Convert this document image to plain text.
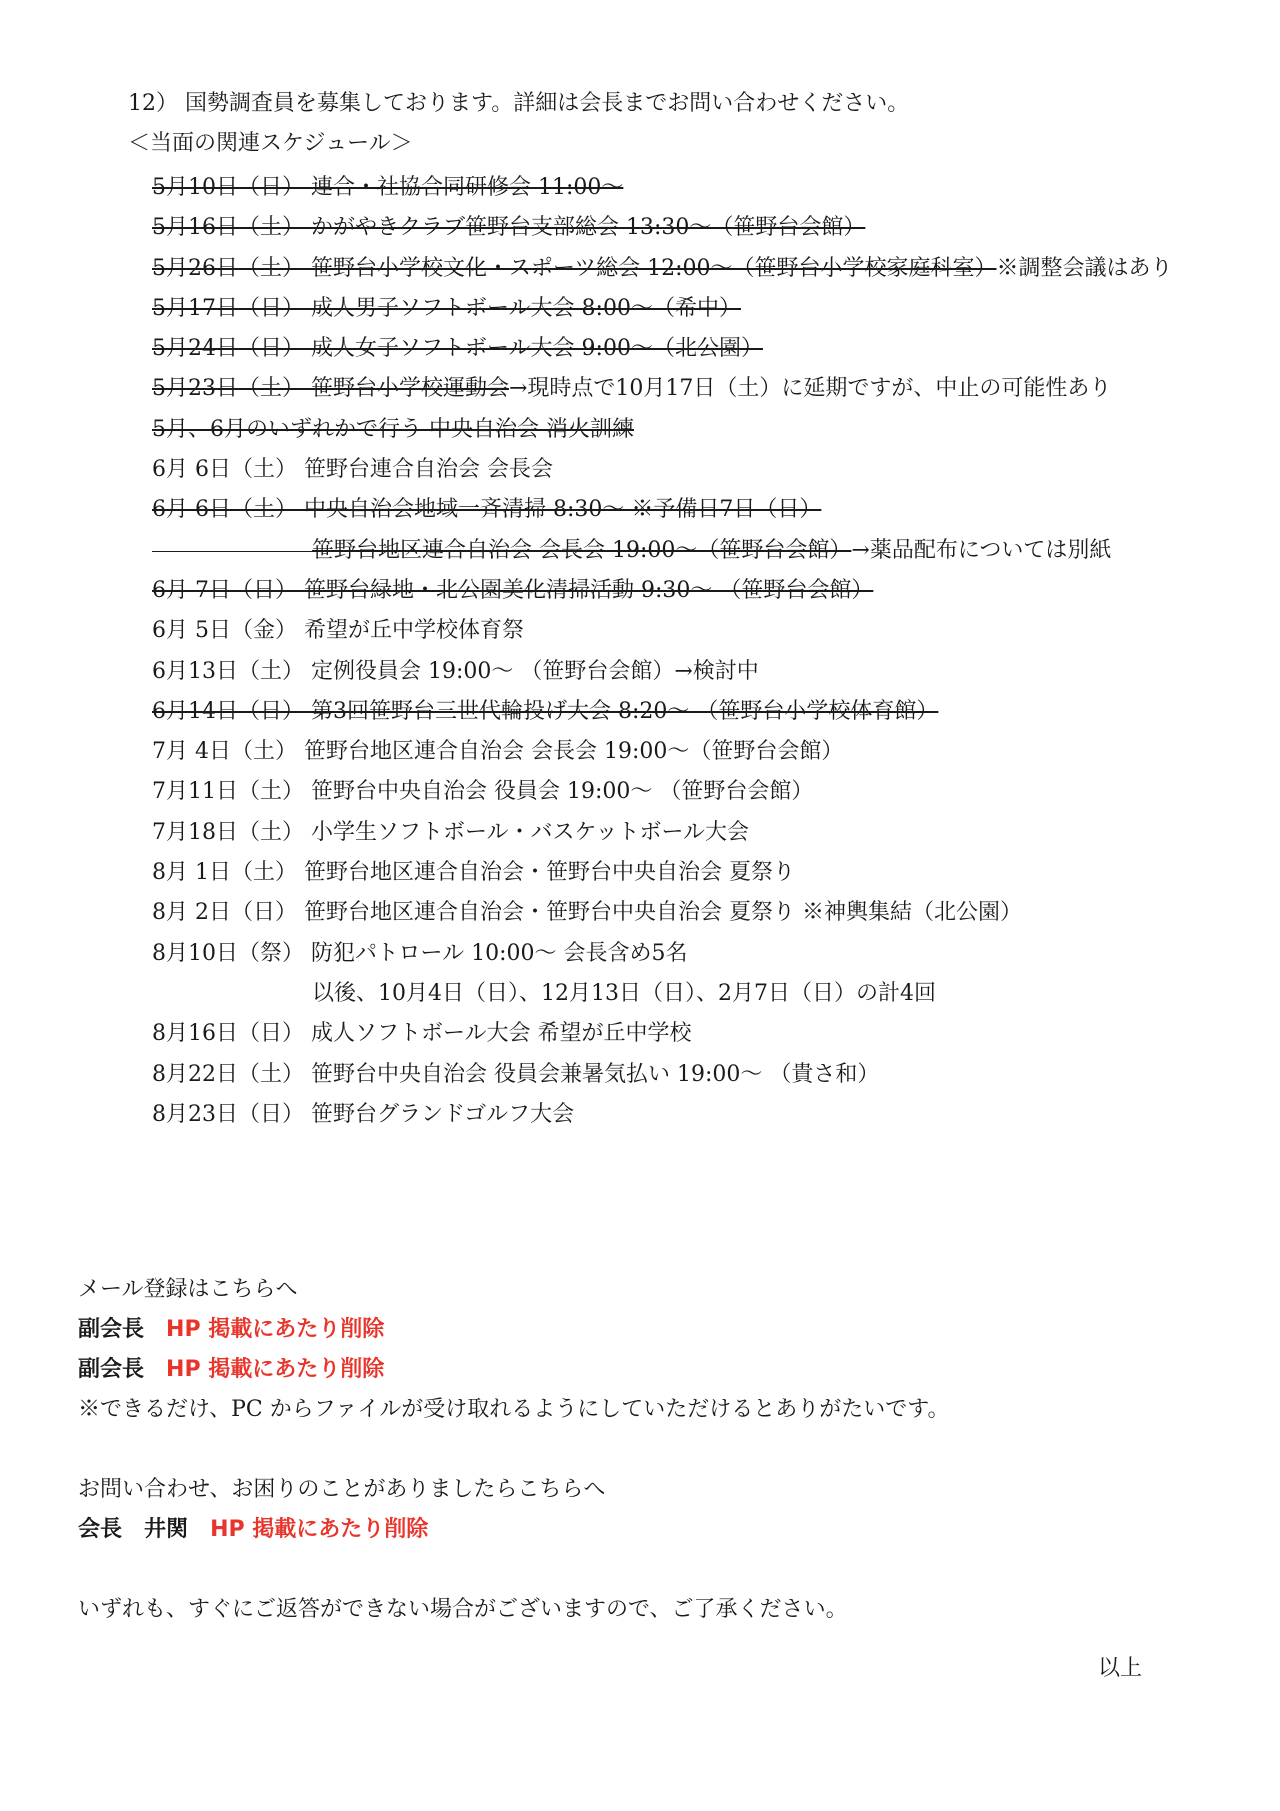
12） 国勢調査員を募集しております。詳細は会長までお問い合わせください。
＜当面の関連スケジュール＞
5月10日（日） 連合・社協合同研修会 11:00～
5月16日（土） かがやきクラブ笹野台支部総会 13:30～（笹野台会館）
5月26日（土） 笹野台小学校文化・スポーツ総会 12:00～（笹野台小学校家庭科室）※調整会議はあり
5月17日（日） 成人男子ソフトボール大会 8:00～（希中）
5月24日（日） 成人女子ソフトボール大会 9:00～（北公園）
5月23日（土） 笹野台小学校運動会→現時点で10月17日（土）に延期ですが、中止の可能性あり
5月、6月のいずれかで行う 中央自治会 消火訓練
6月 6日（土） 笹野台連合自治会 会長会
6月 6日（土） 中央自治会地域一斉清掃 8:30～ ※予備日7日（日）
笹野台地区連合自治会 会長会 19:00～（笹野台会館）→薬品配布については別紙
6月 7日（日） 笹野台緑地・北公園美化清掃活動 9:30～ （笹野台会館）
6月 5日（金） 希望が丘中学校体育祭
6月13日（土） 定例役員会 19:00～ （笹野台会館）→検討中
6月14日（日） 第3回笹野台三世代輪投げ大会 8:20～ （笹野台小学校体育館）
7月 4日（土） 笹野台地区連合自治会 会長会 19:00～（笹野台会館）
7月11日（土） 笹野台中央自治会 役員会 19:00～ （笹野台会館）
7月18日（土） 小学生ソフトボール・バスケットボール大会
8月 1日（土） 笹野台地区連合自治会・笹野台中央自治会 夏祭り
8月 2日（日） 笹野台地区連合自治会・笹野台中央自治会 夏祭り ※神輿集結（北公園）
8月10日（祭） 防犯パトロール 10:00～ 会長含め5名
以後、10月4日（日）、12月13日（日）、2月7日（日）の計4回
8月16日（日） 成人ソフトボール大会 希望が丘中学校
8月22日（土） 笹野台中央自治会 役員会兼暑気払い 19:00～ （貴さ和）
8月23日（日） 笹野台グランドゴルフ大会
メール登録はこちらへ
副会長　 HP 掲載にあたり削除
副会長　 HP 掲載にあたり削除
※できるだけ、PC からファイルが受け取れるようにしていただけるとありがたいです。
お問い合わせ、お困りのことがありましたらこちらへ
会長　 井関　 HP 掲載にあたり削除
いずれも、すぐにご返答ができない場合がございますので、ご了承ください。
以上
